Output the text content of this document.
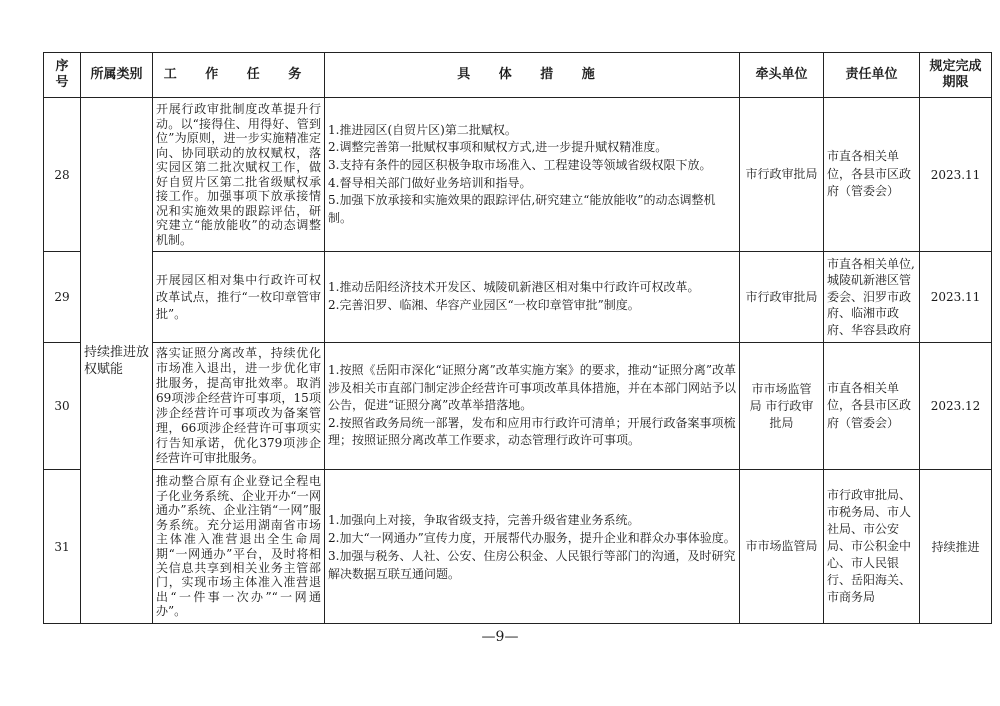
序号	所属类别	工 作 任 务	具 体 措 施	牵头单位	责任单位	规定完成期限
28	持续推进放权赋能	开展行政审批制度改革提升行动。以“接得住、用得好、管到位”为原则，进一步实施精准定向、协同联动的放权赋权，落实园区第二批次赋权工作，做好自贸片区第二批省级赋权承接工作。加强事项下放承接情况和实施效果的跟踪评估，研究建立“能放能收”的动态调整机制。	1.推进园区(自贸片区)第二批赋权。
2.调整完善第一批赋权事项和赋权方式,进一步提升赋权精准度。
3.支持有条件的园区积极争取市场准入、工程建设等领域省级权限下放。
4.督导相关部门做好业务培训和指导。
5.加强下放承接和实施效果的跟踪评估,研究建立“能放能收”的动态调整机制。	市行政审批局	市直各相关单位，各县市区政府（管委会）	2023.11
29		开展园区相对集中行政许可权改革试点，推行“一枚印章管审批”。	1.推动岳阳经济技术开发区、城陵矶新港区相对集中行政许可权改革。
2.完善汨罗、临湘、华容产业园区“一枚印章管审批”制度。	市行政审批局	市直各相关单位,城陵矶新港区管委会、汨罗市政府、临湘市政府、华容县政府	2023.11
30		落实证照分离改革，持续优化市场准入退出，进一步优化审批服务，提高审批效率。取消69项涉企经营许可事项，15项涉企经营许可事项改为备案管理，66项涉企经营许可事项实行告知承诺，优化379项涉企经营许可审批服务。	1.按照《岳阳市深化“证照分离”改革实施方案》的要求，推动“证照分离”改革涉及相关市直部门制定涉企经营许可事项改革具体措施，并在本部门网站予以公告，促进“证照分离”改革举措落地。
2.按照省政务局统一部署，发布和应用市行政许可清单；开展行政备案事项梳理；按照证照分离改革工作要求，动态管理行政许可事项。	市市场监管局 市行政审批局	市直各相关单位，各县市区政府（管委会）	2023.12
31		推动整合原有企业登记全程电子化业务系统、企业开办“一网通办”系统、企业注销“一网”服务系统。充分运用湖南省市场主体准入准营退出全生命周期“一网通办”平台，及时将相关信息共享到相关业务主管部门，实现市场主体准入准营退出“一件事一次办”“一网通办”。	1.加强向上对接，争取省级支持，完善升级省建业务系统。
2.加大“一网通办”宣传力度，开展帮代办服务，提升企业和群众办事体验度。
3.加强与税务、人社、公安、住房公积金、人民银行等部门的沟通，及时研究解决数据互联互通问题。	市市场监管局	市行政审批局、市税务局、市人社局、市公安局、市公积金中心、市人民银行、岳阳海关、市商务局	持续推进
—9—
